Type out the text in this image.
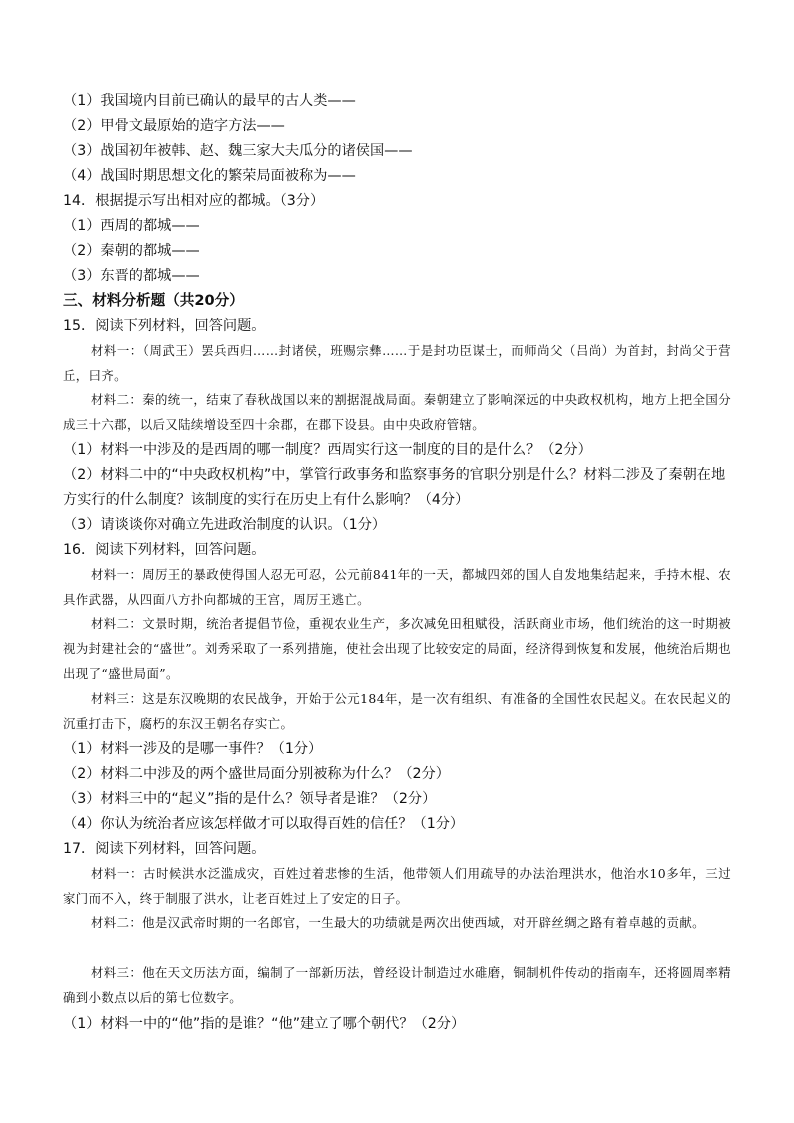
（1）我国境内目前已确认的最早的古人类——
（2）甲骨文最原始的造字方法——
（3）战国初年被韩、赵、魏三家大夫瓜分的诸侯国——
（4）战国时期思想文化的繁荣局面被称为——
14．根据提示写出相对应的都城。（3分）
（1）西周的都城——
（2）秦朝的都城——
（3）东晋的都城——
三、材料分析题（共20分）
15．阅读下列材料，回答问题。
材料一：（周武王）罢兵西归……封诸侯，班赐宗彝……于是封功臣谋士，而师尚父（吕尚）为首封，封尚父于营丘，曰齐。
材料二：秦的统一，结束了春秋战国以来的割据混战局面。秦朝建立了影响深远的中央政权机构，地方上把全国分成三十六郡，以后又陆续增设至四十余郡，在郡下设县。由中央政府管辖。
（1）材料一中涉及的是西周的哪一制度？西周实行这一制度的目的是什么？（2分）
（2）材料二中的“中央政权机构”中，掌管行政事务和监察事务的官职分别是什么？材料二涉及了秦朝在地
方实行的什么制度？该制度的实行在历史上有什么影响？（4分）
（3）请谈谈你对确立先进政治制度的认识。（1分）
16．阅读下列材料，回答问题。
材料一：周厉王的暴政使得国人忍无可忍，公元前841年的一天，都城四郊的国人自发地集结起来，手持木棍、农具作武器，从四面八方扑向都城的王宫，周厉王逃亡。
材料二：文景时期，统治者提倡节俭，重视农业生产，多次减免田租赋役，活跃商业市场，他们统治的这一时期被视为封建社会的“盛世”。刘秀采取了一系列措施，使社会出现了比较安定的局面，经济得到恢复和发展，他统治后期也出现了“盛世局面”。
材料三：这是东汉晚期的农民战争，开始于公元184年，是一次有组织、有准备的全国性农民起义。在农民起义的沉重打击下，腐朽的东汉王朝名存实亡。
（1）材料一涉及的是哪一事件？（1分）
（2）材料二中涉及的两个盛世局面分别被称为什么？（2分）
（3）材料三中的“起义”指的是什么？领导者是谁？（2分）
（4）你认为统治者应该怎样做才可以取得百姓的信任？（1分）
17．阅读下列材料，回答问题。
材料一：古时候洪水泛滥成灾，百姓过着悲惨的生活，他带领人们用疏导的办法治理洪水，他治水10多年，三过家门而不入，终于制服了洪水，让老百姓过上了安定的日子。
材料二：他是汉武帝时期的一名郎官，一生最大的功绩就是两次出使西域，对开辟丝绸之路有着卓越的贡献。
材料三：他在天文历法方面，编制了一部新历法，曾经设计制造过水碓磨，铜制机件传动的指南车，还将圆周率精确到小数点以后的第七位数字。
（1）材料一中的“他”指的是谁？“他”建立了哪个朝代？（2分）
